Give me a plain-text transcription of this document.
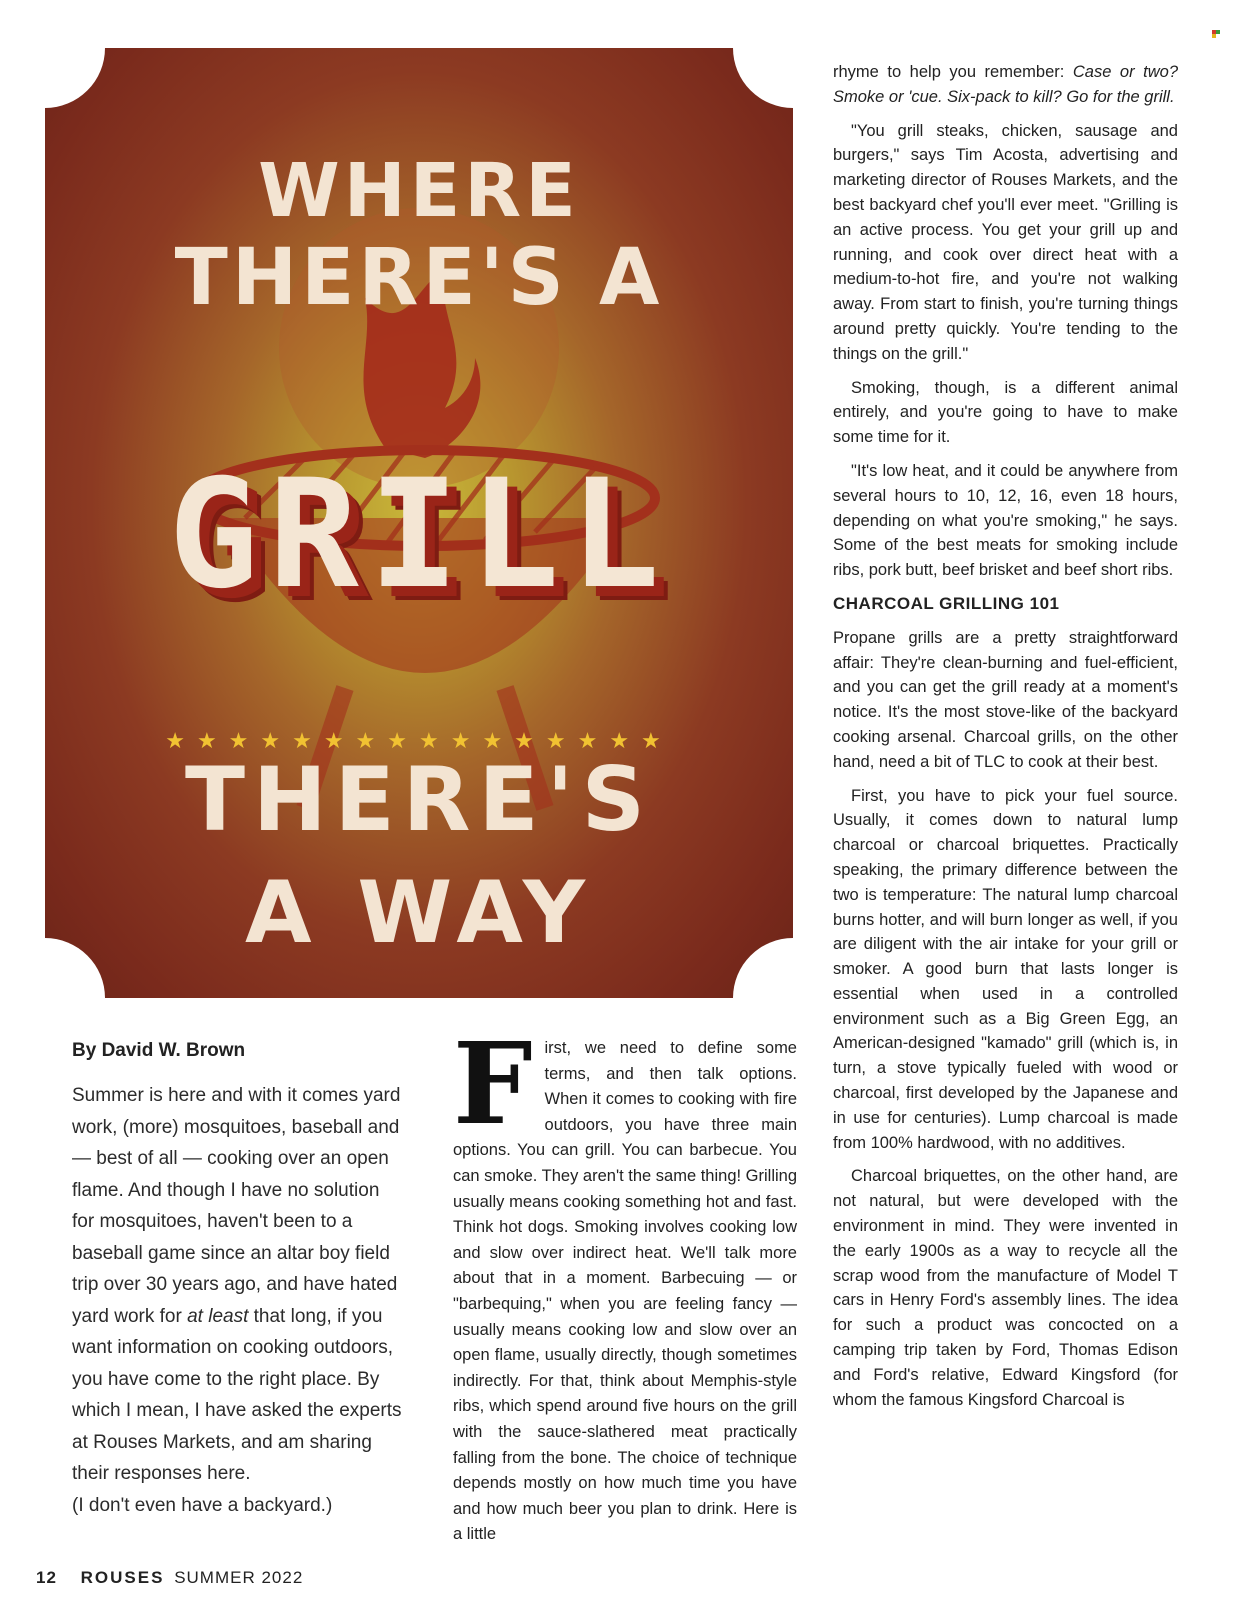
WHERE
THERE'S A
GRILL
★★★★★★★★★★★★★★★★
THERE'S
A WAY
By David W. Brown
Summer is here and with it comes yard work, (more) mosquitoes, baseball and — best of all — cooking over an open flame. And though I have no solution for mosquitoes, haven't been to a baseball game since an altar boy field trip over 30 years ago, and have hated yard work for at least that long, if you want information on cooking outdoors, you have come to the right place. By which I mean, I have asked the experts at Rouses Markets, and am sharing their responses here.
(I don't even have a backyard.)
F irst, we need to define some terms, and then talk options. When it comes to cooking with fire outdoors, you have three main options. You can grill. You can barbecue. You can smoke. They aren't the same thing! Grilling usually means cooking something hot and fast. Think hot dogs. Smoking involves cooking low and slow over indirect heat. We'll talk more about that in a moment. Barbecuing — or "barbequing," when you are feeling fancy — usually means cooking low and slow over an open flame, usually directly, though sometimes indirectly. For that, think about Memphis-style ribs, which spend around five hours on the grill with the sauce-slathered meat practically falling from the bone. The choice of technique depends mostly on how much time you have and how much beer you plan to drink. Here is a little

rhyme to help you remember: Case or two? Smoke or 'cue. Six-pack to kill? Go for the grill.

"You grill steaks, chicken, sausage and burgers," says Tim Acosta, advertising and marketing director of Rouses Markets, and the best backyard chef you'll ever meet. "Grilling is an active process. You get your grill up and running, and cook over direct heat with a medium-to-hot fire, and you're not walking away. From start to finish, you're turning things around pretty quickly. You're tending to the things on the grill."

Smoking, though, is a different animal entirely, and you're going to have to make some time for it.

"It's low heat, and it could be anywhere from several hours to 10, 12, 16, even 18 hours, depending on what you're smoking," he says. Some of the best meats for smoking include ribs, pork butt, beef brisket and beef short ribs.

CHARCOAL GRILLING 101

Propane grills are a pretty straightforward affair: They're clean-burning and fuel-efficient, and you can get the grill ready at a moment's notice. It's the most stove-like of the backyard cooking arsenal. Charcoal grills, on the other hand, need a bit of TLC to cook at their best.

First, you have to pick your fuel source. Usually, it comes down to natural lump charcoal or charcoal briquettes. Practically speaking, the primary difference between the two is temperature: The natural lump charcoal burns hotter, and will burn longer as well, if you are diligent with the air intake for your grill or smoker. A good burn that lasts longer is essential when used in a controlled environment such as a Big Green Egg, an American-designed "kamado" grill (which is, in turn, a stove typically fueled with wood or charcoal, first developed by the Japanese and in use for centuries). Lump charcoal is made from 100% hardwood, with no additives.

Charcoal briquettes, on the other hand, are not natural, but were developed with the environment in mind. They were invented in the early 1900s as a way to recycle all the scrap wood from the manufacture of Model T cars in Henry Ford's assembly lines. The idea for such a product was concocted on a camping trip taken by Ford, Thomas Edison and Ford's relative, Edward Kingsford (for whom the famous Kingsford Charcoal is

12 ROUSES SUMMER 2022
